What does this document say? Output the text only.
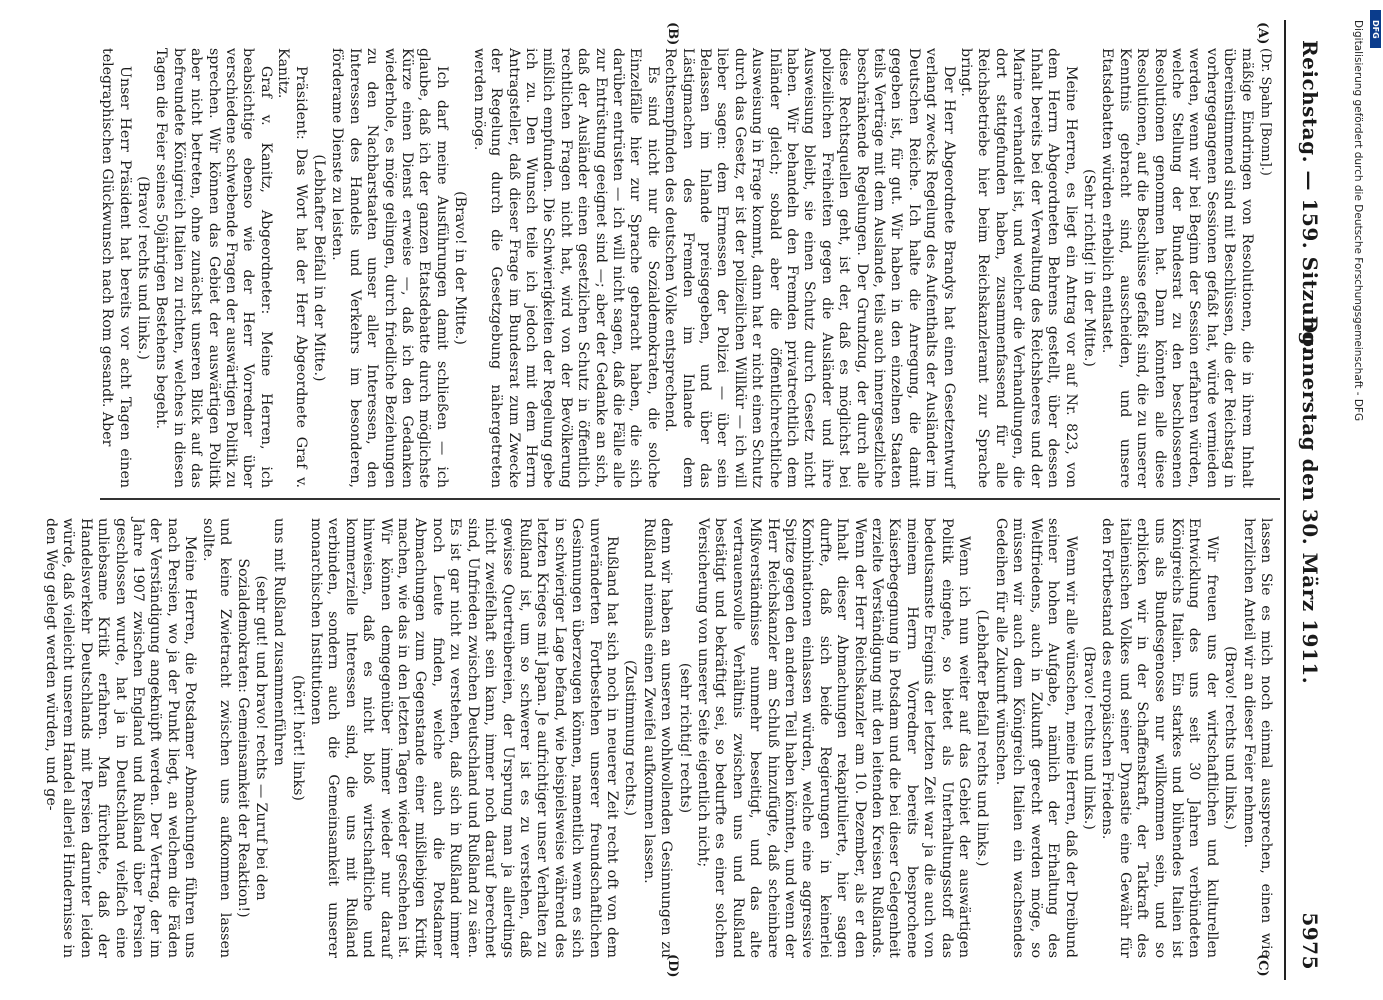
Reichstag. — 159. Sitzung.
Donnerstag den 30. März 1911.
5975
(A)
(B)
(C)
(D)
(Dr. Spahn [Bonn].)

mäßige Eindringen von Resolutionen, die in ihrem Inhalt übereinstimmend sind mit Beschlüssen, die der Reichstag in vorhergegangenen Sessionen gefaßt hat, würde vermieden werden, wenn wir bei Beginn der Session erfahren würden, welche Stellung der Bundesrat zu den beschlossenen Resolutionen genommen hat. Dann könnten alle diese Resolutionen, auf die Beschlüsse gefaßt sind, die zu unserer Kenntnis gebracht sind, ausscheiden, und unsere Etatsdebatten würden erheblich entlastet.

(Sehr richtig! in der Mitte.)

Meine Herren, es liegt ein Antrag vor auf Nr. 823, von dem Herrn Abgeordneten Behrens gestellt, über dessen Inhalt bereits bei der Verwaltung des Reichsheeres und der Marine verhandelt ist, und welcher die Verhandlungen, die dort stattgefunden haben, zusammenfassend für alle Reichsbetriebe hier beim Reichskanzleramt zur Sprache bringt.

Der Herr Abgeordnete Brandys hat einen Gesetzentwurf verlangt zwecks Regelung des Aufenthalts der Ausländer im Deutschen Reiche. Ich halte die Anregung, die damit gegeben ist, für gut. Wir haben in den einzelnen Staaten teils Verträge mit dem Auslande, teils auch innergesetzliche beschränkende Regelungen. Der Grundzug, der durch alle diese Rechtsquellen geht, ist der, daß es möglichst bei polizeilichen Freiheiten gegen die Ausländer und ihre Ausweisung bleibt, sie einen Schutz durch Gesetz nicht haben. Wir behandeln den Fremden privatrechtlich dem Inländer gleich; sobald aber die öffentlichrechtliche Ausweisung in Frage kommt, dann hat er nicht einen Schutz durch das Gesetz, er ist der polizeilichen Willkür — ich will lieber sagen: dem Ermessen der Polizei — über sein Belassen im Inlande preisgegeben, und über das Lästigmachen des Fremden im Inlande dem Rechtsempfinden des deutschen Volke entsprechend.

Es sind nicht nur die Sozialdemokraten, die solche Einzelfälle hier zur Sprache gebracht haben, die sich darüber entrüsten — ich will nicht sagen, daß die Fälle alle zur Entrüstung geeignet sind —; aber der Gedanke an sich, daß der Ausländer einen gesetzlichen Schutz in öffentlich rechtlichen Fragen nicht hat, wird von der Bevölkerung mißlich empfunden. Die Schwierigkeiten der Regelung gebe ich zu. Den Wunsch teile ich jedoch mit dem Herrn Antragsteller, daß dieser Frage im Bundesrat zum Zwecke der Regelung durch die Gesetzgebung nähergetreten werden möge.

(Bravo! in der Mitte.)

Ich darf meine Ausführungen damit schließen — ich glaube, daß ich der ganzen Etatsdebatte durch möglichste Kürze einen Dienst erweise —, daß ich den Gedanken wiederhole, es möge gelingen, durch friedliche Beziehungen zu den Nachbarstaaten unser aller Interessen, den Interessen des Handels und Verkehrs im besonderen, förderame Dienste zu leisten.

(Lebhafter Beifall in der Mitte.)

Präsident: Das Wort hat der Herr Abgeordnete Graf v. Kanitz.

Graf v. Kanitz, Abgeordneter: Meine Herren, ich beabsichtige ebenso wie der Herr Vorredner über verschiedene schwebende Fragen der auswärtigen Politik zu sprechen. Wir können das Gebiet der auswärtigen Politik aber nicht betreten, ohne zunächst unseren Blick auf das befreundete Königreich Italien zu richten, welches in diesen Tagen die Feier seines 50jährigen Bestehens begeht.

(Bravo! rechts und links.)

Unser Herr Präsident hat bereits vor acht Tagen einen telegraphischen Glückwunsch nach Rom gesandt. Aber

lassen Sie es mich noch einmal aussprechen, einen wie herzlichen Anteil wir an dieser Feier nehmen.

(Bravo! rechts und links.)

Wir freuen uns der wirtschaftlichen und kulturellen Entwicklung des uns seit 30 Jahren verbündeten Königreichs Italien. Ein starkes und blühendes Italien ist uns als Bundesgenosse nur willkommen sein, und so erblicken wir in der Schaffenskraft, der Tatkraft des italienischen Volkes und seiner Dynastie eine Gewähr für den Fortbestand des europäischen Friedens.

(Bravo! rechts und links.)

Wenn wir alle wünschen, meine Herren, daß der Dreibund seiner hohen Aufgabe, nämlich der Erhaltung des Weltfriedens, auch in Zukunft gerecht werden möge, so müssen wir auch dem Königreich Italien ein wachsendes Gedeihen für alle Zukunft wünschen.

(Lebhafter Beifall rechts und links.)

Wenn ich nun weiter auf das Gebiet der auswärtigen Politik eingehe, so bietet als Unterhaltungsstoff das bedeutsamste Ereignis der letzten Zeit war ja die auch von meinem Herrn Vorredner bereits besprochene Kaiserbegegnung in Potsdam und die bei dieser Gelegenheit erzielte Verständigung mit den leitenden Kreisen Rußlands. Wenn der Herr Reichskanzler am 10. Dezember, als er den Inhalt dieser Abmachungen rekapitulierte, hier sagen durfte, daß sich beide Regierungen in keinerlei Kombinationen einlassen würden, welche eine aggressive Spitze gegen den anderen Teil haben könnten, und wenn der Herr Reichskanzler am Schluß hinzufügte, daß scheinbare Mißverständnisse nunmehr beseitigt, und das alte vertrauensvolle Verhältnis zwischen uns und Rußland bestätigt und bekräftigt sei, so bedurfte es einer solchen Versicherung von unserer Seite eigentlich nicht;

(sehr richtig! rechts)

denn wir haben an unseren wohlwollenden Gesinnungen zu Rußland niemals einen Zweifel aufkommen lassen.

(Zustimmung rechts.)

Rußland hat sich noch in neuerer Zeit recht oft von dem unveränderten Fortbestehen unserer freundschaftlichen Gesinnungen überzeugen können, namentlich wenn es sich in schwieriger Lage befand, wie beispielsweise während des letzten Krieges mit Japan. Je aufrichtiger unser Verhalten zu Rußland ist, um so schwerer ist es zu verstehen, daß gewisse Quertreibereien, der Ursprung man ja allerdings nicht zweifelhaft sein kann, immer noch darauf berechnet sind, Unfrieden zwischen Deutschland und Rußland zu säen. Es ist gar nicht zu verstehen, daß sich in Rußland immer noch Leute finden, welche auch die Potsdamer Abmachungen zum Gegenstande einer mißliebigen Kritik machen, wie das in den letzten Tagen wieder geschehen ist. Wir können demgegenüber immer wieder nur darauf hinweisen, daß es nicht bloß wirtschaftliche und kommerzielle Interessen sind, die uns mit Rußland verbinden, sondern auch die Gemeinsamkeit unserer monarchischen Institutionen

(hört! hört! links)

uns mit Rußland zusammenführen

(sehr gut! und bravo! rechts — Zuruf bei den Sozialdemokraten: Gemeinsamkeit der Reaktion!)

und keine Zwietracht zwischen uns aufkommen lassen sollte.

Meine Herren, die Potsdamer Abmachungen führen uns nach Persien, wo ja der Punkt liegt, an welchem die Fäden der Verständigung angeknüpft werden. Der Vertrag, der im Jahre 1907 zwischen England und Rußland über Persien geschlossen wurde, hat ja in Deutschland vielfach eine unliebsame Kritik erfahren. Man fürchtete, daß der Handelsverkehr Deutschlands mit Persien darunter leiden würde, daß vielleicht unserem Handel allerlei Hindernisse in den Weg gelegt werden würden, und ge-

Digitalisierung gefördert durch die Deutsche Forschungsgemeinschaft - DFG DFG
